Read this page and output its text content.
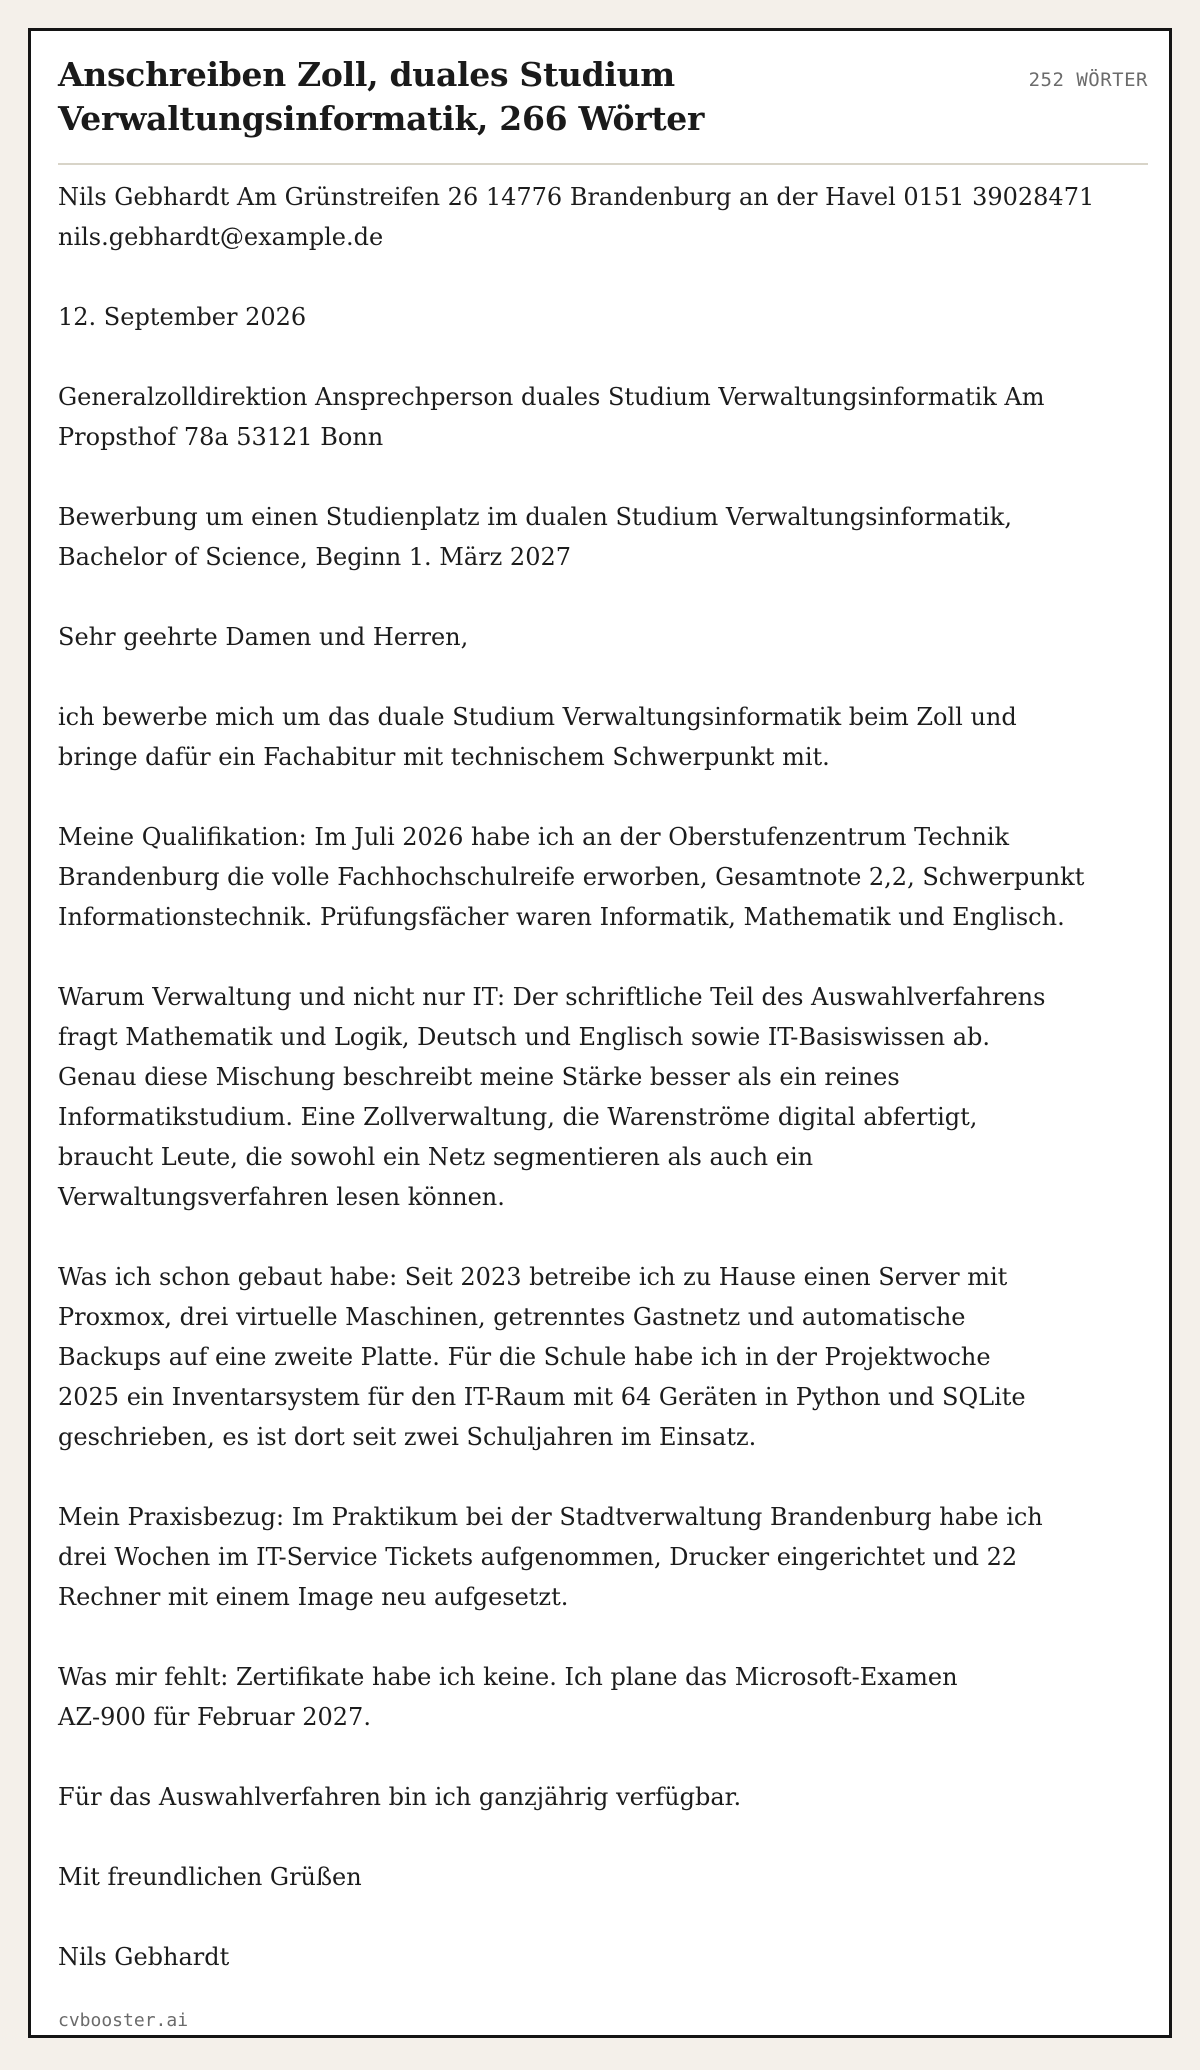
Anschreiben Zoll, duales Studium Verwaltungsinformatik, 266 Wörter
252 WÖRTER

Nils Gebhardt Am Grünstreifen 26 14776 Brandenburg an der Havel 0151 39028471 nils.gebhardt@example.de

12. September 2026

Generalzolldirektion Ansprechperson duales Studium Verwaltungsinformatik Am Propsthof 78a 53121 Bonn

Bewerbung um einen Studienplatz im dualen Studium Verwaltungsinformatik, Bachelor of Science, Beginn 1. März 2027

Sehr geehrte Damen und Herren,

ich bewerbe mich um das duale Studium Verwaltungsinformatik beim Zoll und bringe dafür ein Fachabitur mit technischem Schwerpunkt mit.

Meine Qualifikation: Im Juli 2026 habe ich an der Oberstufenzentrum Technik Brandenburg die volle Fachhochschulreife erworben, Gesamtnote 2,2, Schwerpunkt Informationstechnik. Prüfungsfächer waren Informatik, Mathematik und Englisch.

Warum Verwaltung und nicht nur IT: Der schriftliche Teil des Auswahlverfahrens fragt Mathematik und Logik, Deutsch und Englisch sowie IT-Basiswissen ab. Genau diese Mischung beschreibt meine Stärke besser als ein reines Informatikstudium. Eine Zollverwaltung, die Warenströme digital abfertigt, braucht Leute, die sowohl ein Netz segmentieren als auch ein Verwaltungsverfahren lesen können.

Was ich schon gebaut habe: Seit 2023 betreibe ich zu Hause einen Server mit Proxmox, drei virtuelle Maschinen, getrenntes Gastnetz und automatische Backups auf eine zweite Platte. Für die Schule habe ich in der Projektwoche 2025 ein Inventarsystem für den IT-Raum mit 64 Geräten in Python und SQLite geschrieben, es ist dort seit zwei Schuljahren im Einsatz.

Mein Praxisbezug: Im Praktikum bei der Stadtverwaltung Brandenburg habe ich drei Wochen im IT-Service Tickets aufgenommen, Drucker eingerichtet und 22 Rechner mit einem Image neu aufgesetzt.

Was mir fehlt: Zertifikate habe ich keine. Ich plane das Microsoft-Examen AZ-900 für Februar 2027.

Für das Auswahlverfahren bin ich ganzjährig verfügbar.

Mit freundlichen Grüßen

Nils Gebhardt

cvbooster.ai
